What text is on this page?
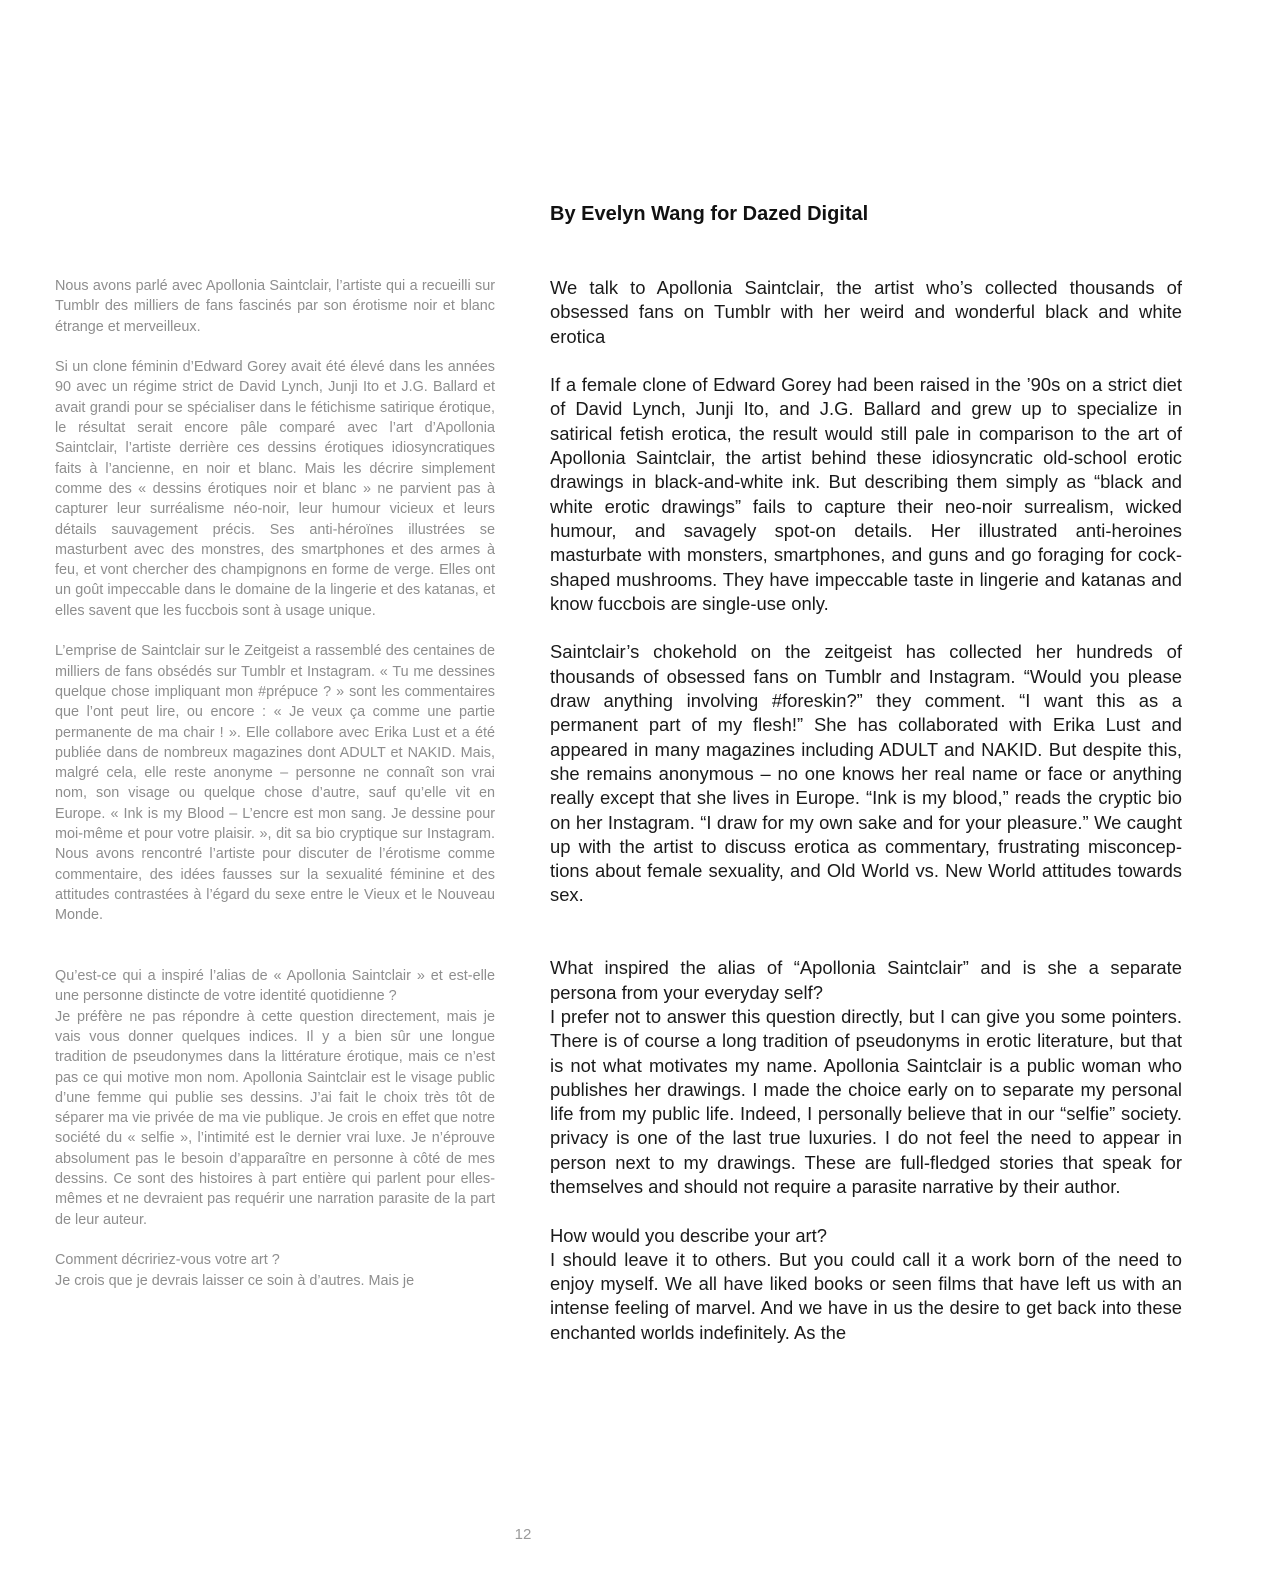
By Evelyn Wang for Dazed Digital

Nous avons parlé avec Apollonia Saintclair, l’artiste qui a recueilli sur Tumblr des milliers de fans fascinés par son érotisme noir et blanc étrange et merveilleux.

Si un clone féminin d’Edward Gorey avait été élevé dans les années 90 avec un régime strict de David Lynch, Junji Ito et J.G. Ballard et avait grandi pour se spécialiser dans le fétichisme satirique érotique, le résultat serait encore pâle comparé avec l’art d’Apollonia Saintclair, l’artiste derrière ces dessins érotiques idiosyncratiques faits à l’ancienne, en noir et blanc. Mais les décrire simplement comme des « dessins érotiques noir et blanc » ne parvient pas à capturer leur surréalisme néo-noir, leur humour vicieux et leurs détails sauvagement précis. Ses anti-héroïnes illustrées se masturbent avec des monstres, des smartphones et des armes à feu, et vont chercher des champignons en forme de verge. Elles ont un goût impeccable dans le domaine de la lingerie et des katanas, et elles savent que les fuccbois sont à usage unique.

L’emprise de Saintclair sur le Zeitgeist a rassemblé des centaines de milliers de fans obsédés sur Tumblr et Instagram. « Tu me dessines quelque chose impliquant mon #prépuce ? » sont les commentaires que l’ont peut lire, ou encore : « Je veux ça comme une partie permanente de ma chair ! ». Elle collabore avec Erika Lust et a été publiée dans de nombreux magazines dont ADULT et NAKID. Mais, malgré cela, elle reste anonyme – personne ne connaît son vrai nom, son visage ou quelque chose d’autre, sauf qu’elle vit en Europe. « Ink is my Blood – L’encre est mon sang. Je dessine pour moi-même et pour votre plaisir. », dit sa bio cryptique sur Instagram. Nous avons rencontré l’artiste pour discuter de l’érotisme comme commentaire, des idées fausses sur la sexualité féminine et des attitudes contrastées à l’égard du sexe entre le Vieux et le Nouveau Monde.

Qu’est-ce qui a inspiré l’alias de « Apollonia Saintclair » et est-elle une personne distincte de votre identité quotidienne ?

Je préfère ne pas répondre à cette question directement, mais je vais vous donner quelques indices. Il y a bien sûr une longue tradition de pseudonymes dans la littérature érotique, mais ce n’est pas ce qui motive mon nom. Apollonia Saintclair est le visage public d’une femme qui publie ses dessins. J’ai fait le choix très tôt de séparer ma vie privée de ma vie publique. Je crois en effet que notre société du « selfie », l’intimité est le dernier vrai luxe. Je n’éprouve absolument pas le besoin d’apparaître en personne à côté de mes dessins. Ce sont des histoires à part entière qui parlent pour elles-mêmes et ne devraient pas requérir une narration parasite de la part de leur auteur.

Comment décririez-vous votre art ?

Je crois que je devrais laisser ce soin à d’autres. Mais je

We talk to Apollonia Saintclair, the artist who’s collected thousands of obsessed fans on Tumblr with her weird and wonderful black and white erotica

If a female clone of Edward Gorey had been raised in the ’90s on a strict diet of David Lynch, Junji Ito, and J.G. Ballard and grew up to specialize in satirical fetish erotica, the result would still pale in comparison to the art of Apollonia Saintclair, the artist behind these idiosyncratic old-school erotic drawings in black-and-white ink. But describing them simply as “black and white erotic drawings” fails to capture their neo-noir surrealism, wicked humour, and savagely spot-on details. Her illustrated anti-heroines masturbate with monsters, smartphones, and guns and go foraging for cock-shaped mushrooms. They have impeccable taste in lingerie and katanas and know fuccbois are single-use only.

Saintclair’s chokehold on the zeitgeist has collected her hundreds of thousands of obsessed fans on Tumblr and Instagram. “Would you please draw anything involving #foreskin?” they comment. “I want this as a permanent part of my flesh!” She has collaborated with Erika Lust and appeared in many magazines including ADULT and NAKID. But despite this, she remains anonymous – no one knows her real name or face or anything really except that she lives in Europe. “Ink is my blood,” reads the cryptic bio on her Instagram. “I draw for my own sake and for your pleasure.” We caught up with the artist to discuss erotica as commentary, frustrating misconceptions about female sexuality, and Old World vs. New World attitudes towards sex.

What inspired the alias of “Apollonia Saintclair” and is she a separate persona from your everyday self?

I prefer not to answer this question directly, but I can give you some pointers. There is of course a long tradition of pseudonyms in erotic literature, but that is not what motivates my name. Apollonia Saintclair is a public woman who publishes her drawings. I made the choice early on to separate my personal life from my public life. Indeed, I personally believe that in our “selfie” society. privacy is one of the last true luxuries. I do not feel the need to appear in person next to my drawings. These are full-fledged stories that speak for themselves and should not require a parasite narrative by their author.

How would you describe your art?

I should leave it to others. But you could call it a work born of the need to enjoy myself. We all have liked books or seen films that have left us with an intense feeling of marvel. And we have in us the desire to get back into these enchanted worlds indefinitely. As the

12
